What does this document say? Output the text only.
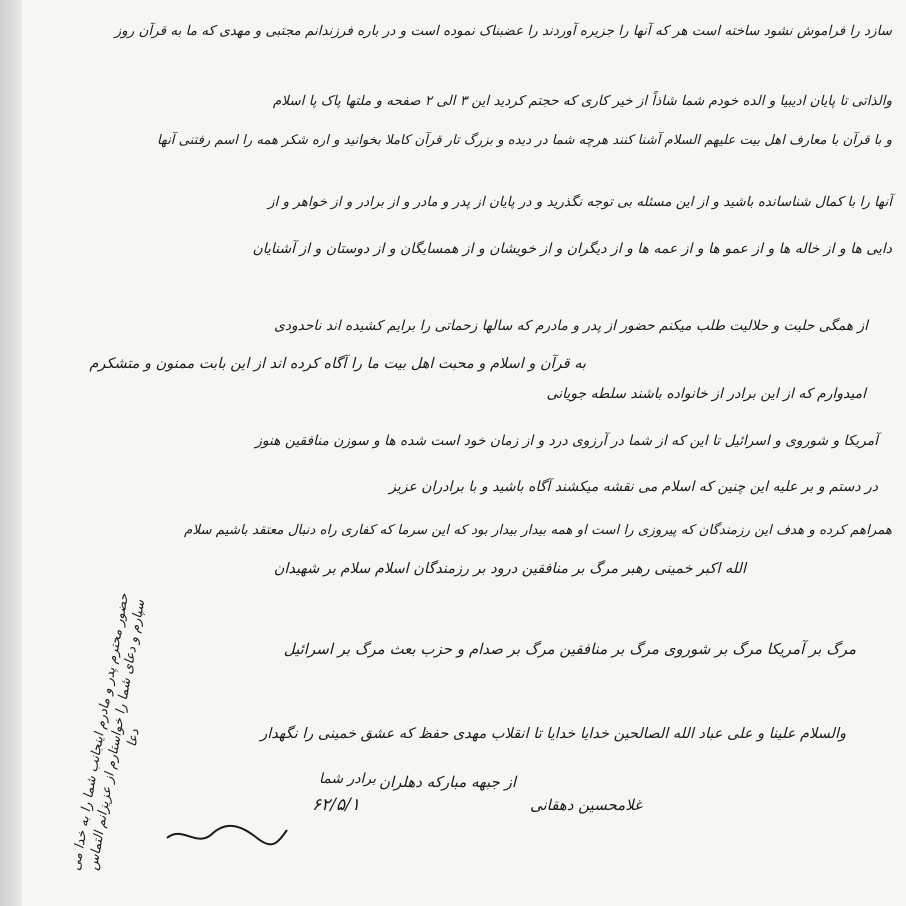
سازد را فراموش نشود ساخته است هر که آنها را جزیره آوردند را عضبناک نموده است و در باره فرزندانم مجتبی و مهدی که ما به قرآن روز
والذاتی تا پایان ادیبیا و الده خودم شما شاذاً از خیر کاری که حجتم کردید این ۳ الی ۲ صفحه و ملتها پاک پا اسلام
و با قرآن با معارف اهل بیت علیهم السلام آشنا کنند هرچه شما در دیده و بزرگ تار قرآن کاملا بخوانید و اره شکر همه را اسم رفتنی آنها
آنها را با کمال شناسانده باشید و از این مسئله بی توجه نگذرید و در پایان از پدر و مادر و از برادر و از خواهر و از
دایی ها و از خاله ها و از عمو ها و از عمه ها و از دیگران و از خویشان و از همسایگان و از دوستان و از آشنایان
از همگی حلیت و حلالیت طلب میکنم حضور از پدر و مادرم که سالها زحماتی را برایم کشیده اند ناحدودی
به قرآن و اسلام و محبت اهل بیت ما را آگاه کرده اند از این بابت ممنون و متشکرم
امیدوارم که از این برادر از خانواده باشند سلطه جویانی
آمریکا و شوروی و اسرائیل تا این که از شما در آرزوی درد و از زمان خود است شده ها و سوزن منافقین هنوز
در دستم و بر علیه این چنین که اسلام می نقشه میکشند آگاه باشید و با برادران عزیز
همراهم کرده و هدف این رزمندگان که پیروزی را است او همه بیدار بیدار بود که این سرما که کفاری راه دنبال معتقد باشیم سلام
الله اکبر خمینی رهبر مرگ بر منافقین درود بر رزمندگان اسلام سلام بر شهیدان
مرگ بر آمریکا مرگ بر شوروی مرگ بر منافقین مرگ بر صدام و حزب بعث مرگ بر اسرائیل
والسلام علینا و علی عباد الله الصالحین خدایا خدایا تا انقلاب مهدی حفظ که عشق خمینی را نگهدار
از جبهه مبارکه دهلران
برادر شما
۶۲/۵/۱	غلامحسین دهقانی
حضور محترم پدر و مادرم اینجانب شما را به خدا می سپارم و دعای شما را خواستارم از عزیزانم التماس دعا
